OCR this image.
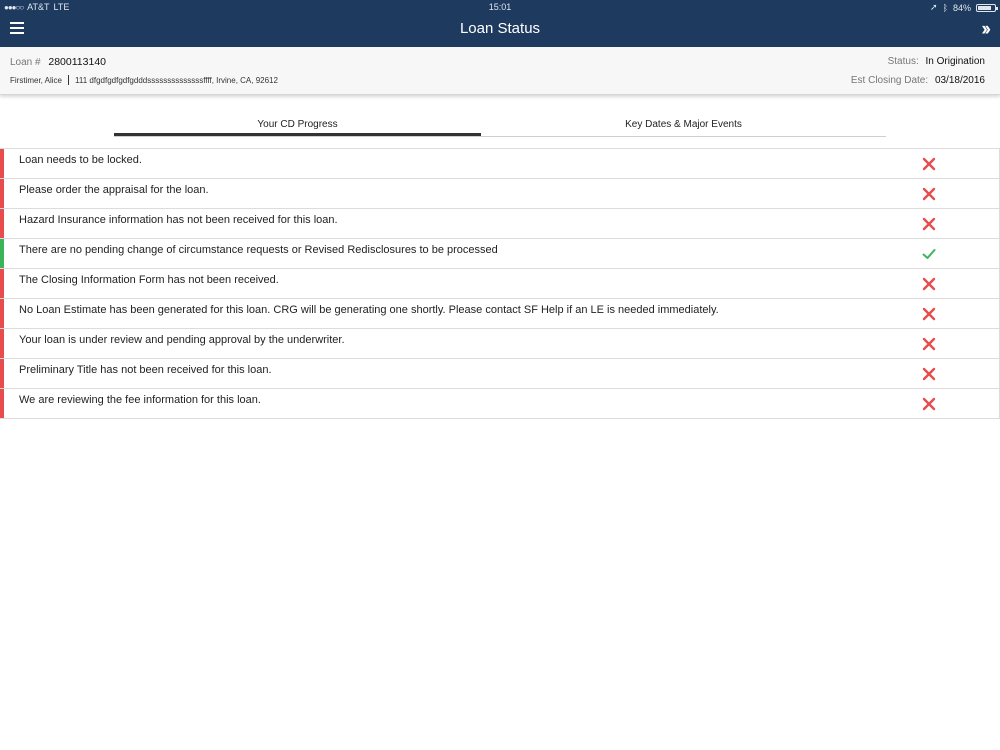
●●●○○ AT&T LTE	15:01	➚ ᛒ 84%
Loan Status	››
Loan # 2800113140
Firstimer, Alice 111 dfgdfgdfgdfgdddssssssssssssssffff, Irvine, CA, 92612
Status: In Origination
Est Closing Date: 03/18/2016
Your CD Progress	Key Dates & Major Events
Loan needs to be locked.
Please order the appraisal for the loan.
Hazard Insurance information has not been received for this loan.
There are no pending change of circumstance requests or Revised Redisclosures to be processed
The Closing Information Form has not been received.
No Loan Estimate has been generated for this loan. CRG will be generating one shortly. Please contact SF Help if an LE is needed immediately.
Your loan is under review and pending approval by the underwriter.
Preliminary Title has not been received for this loan.
We are reviewing the fee information for this loan.
